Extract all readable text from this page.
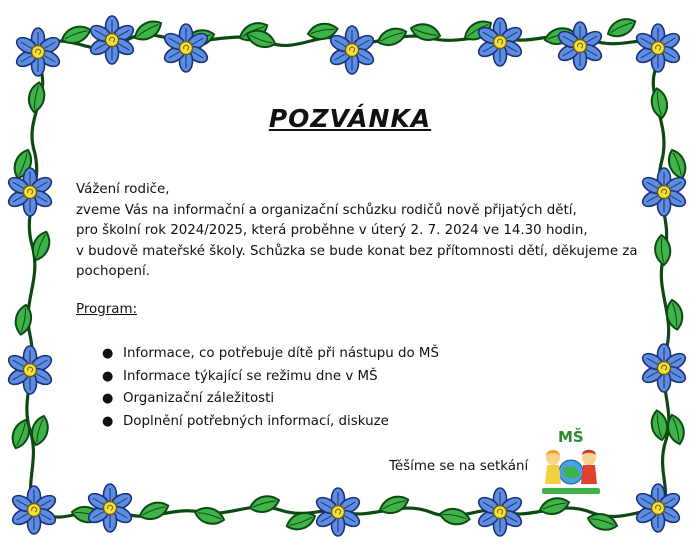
POZVÁNKA
Vážení rodiče,
zveme Vás na informační a organizační schůzku rodičů nově přijatých dětí,
pro školní rok 2024/2025, která proběhne v úterý 2. 7. 2024 ve 14.30 hodin,
v budově mateřské školy. Schůzka se bude konat bez přítomnosti dětí, děkujeme za
pochopení.
Program:
● Informace, co potřebuje dítě při nástupu do MŠ
● Informace týkající se režimu dne v MŠ
● Organizační záležitosti
● Doplnění potřebných informací, diskuze
Těšíme se na setkání
MŠ
